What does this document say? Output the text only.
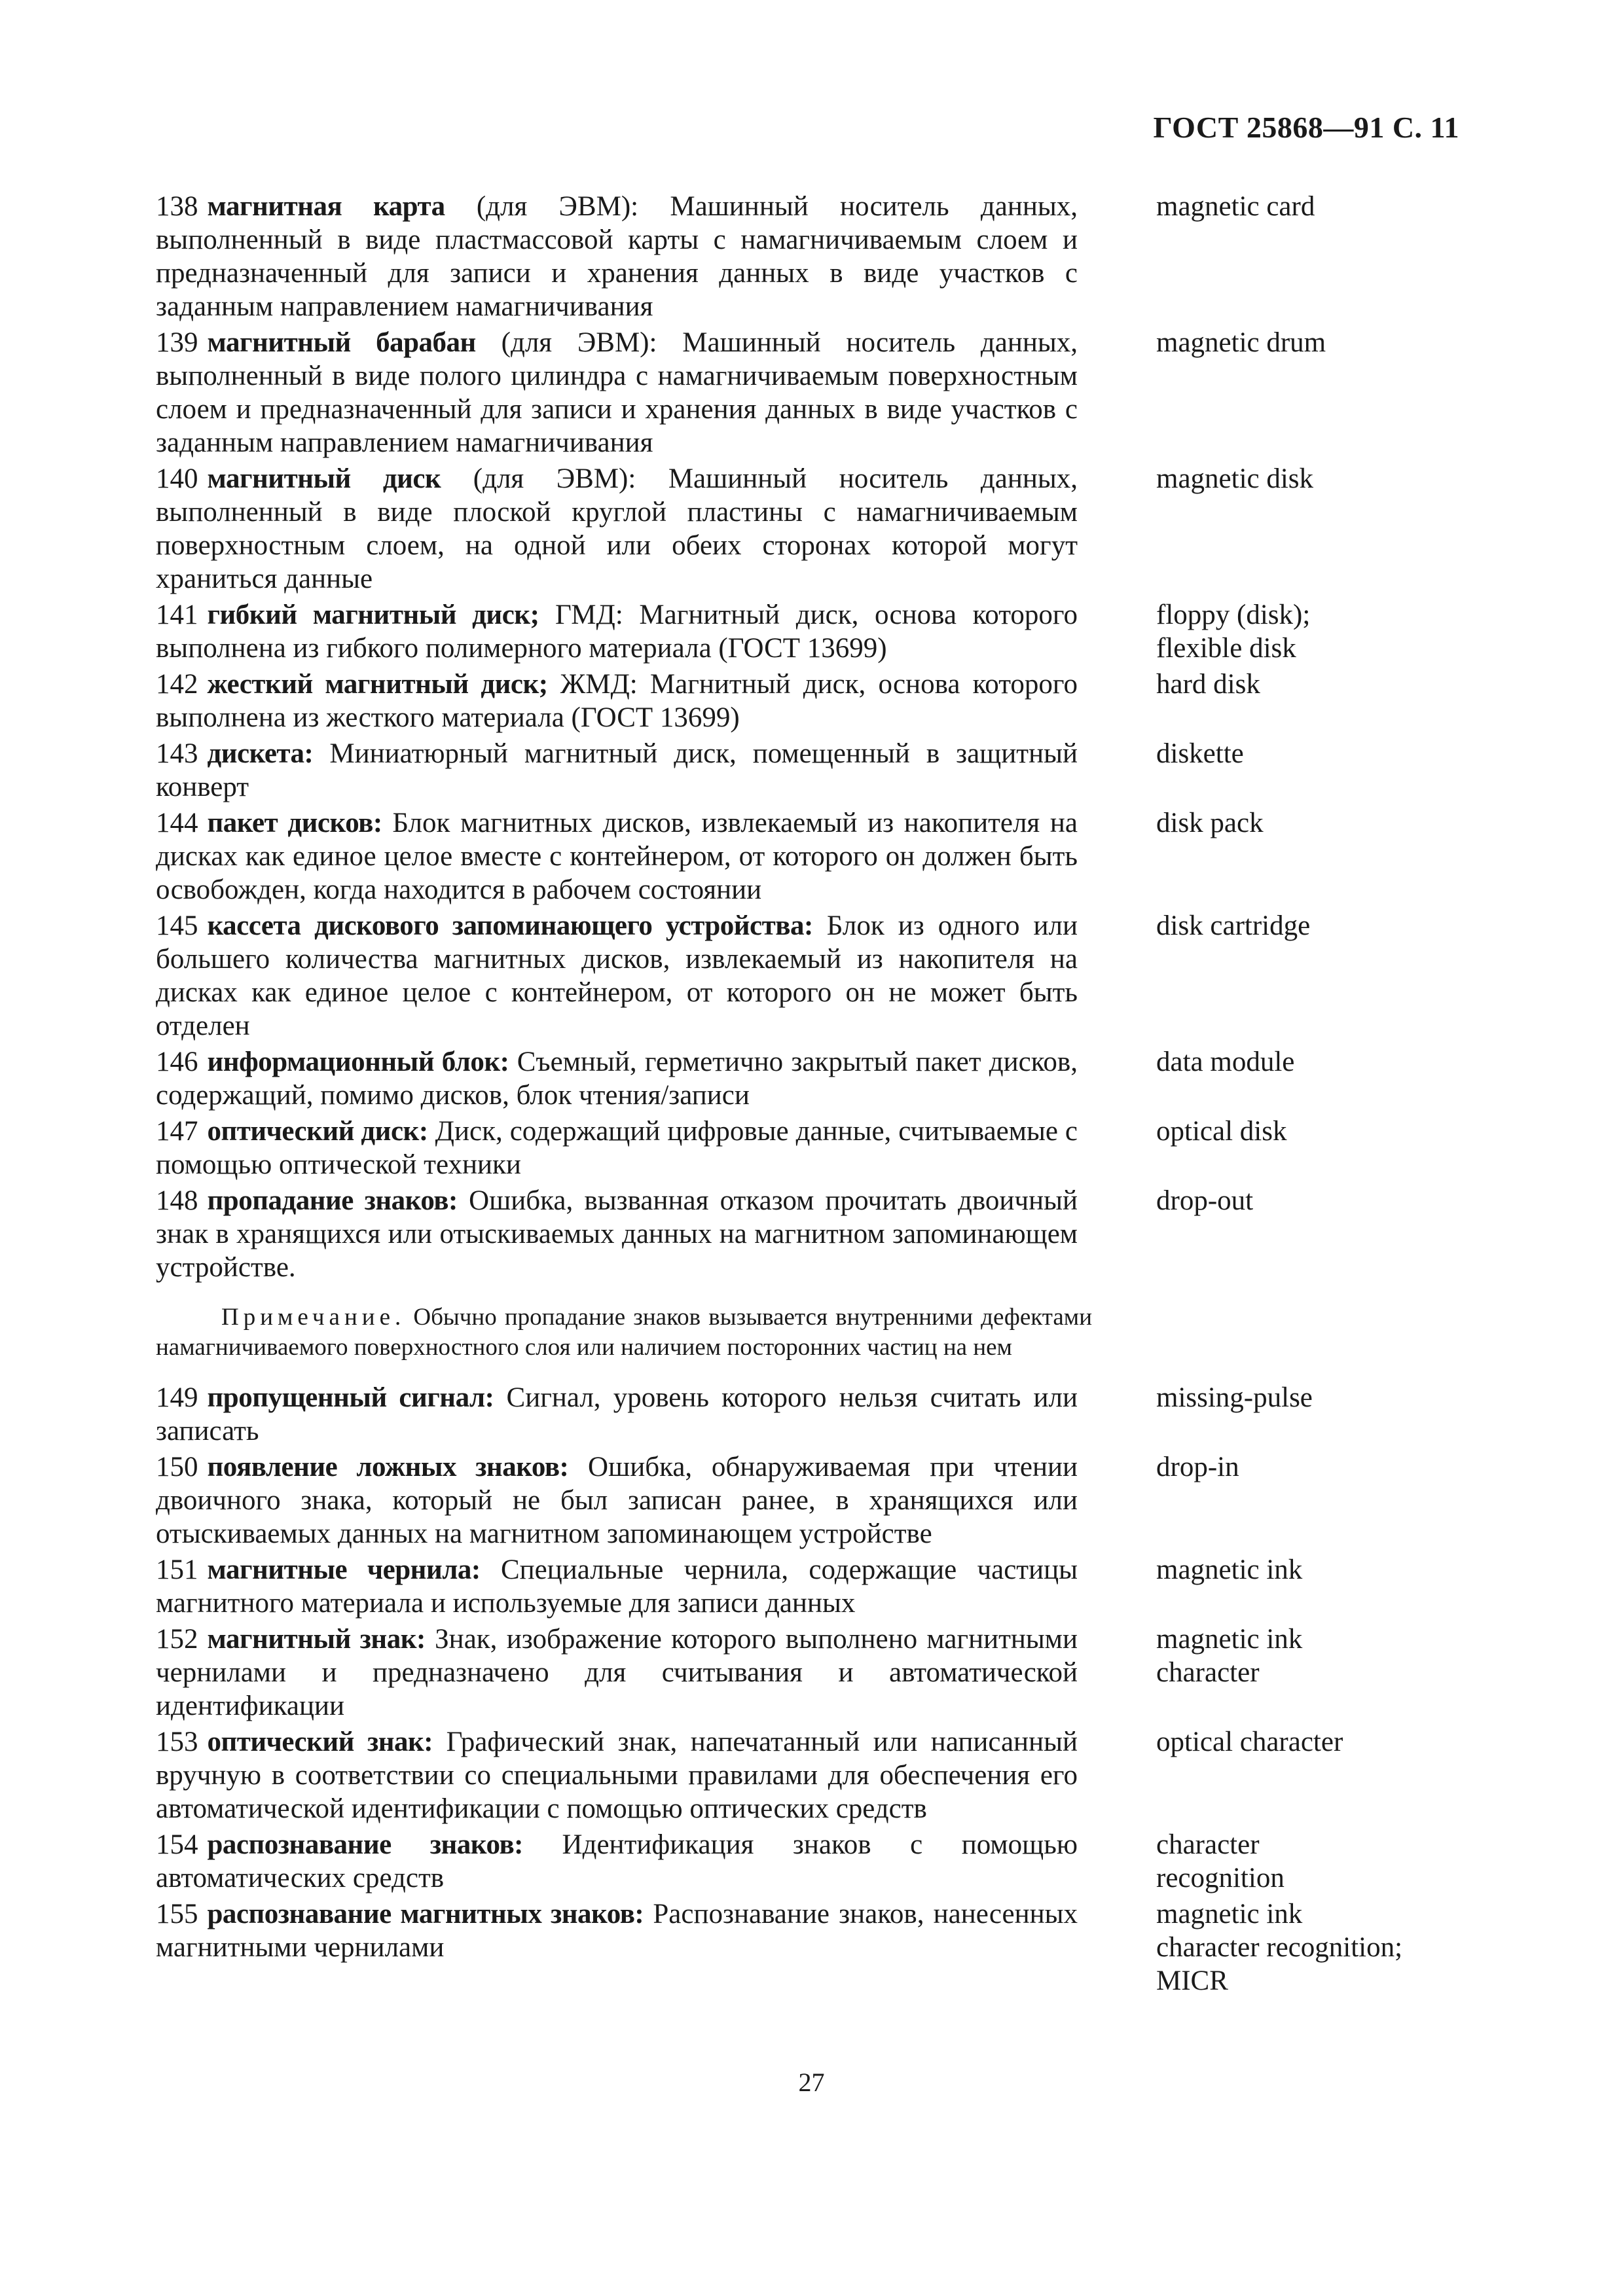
ГОСТ 25868—91 С. 11
138 магнитная карта (для ЭВМ): Машинный носитель данных, выполненный в виде пластмассовой карты с намагничиваемым слоем и предназначенный для записи и хранения данных в виде участков с заданным направлением намагничивания
magnetic card
139 магнитный барабан (для ЭВМ): Машинный носитель данных, выполненный в виде полого цилиндра с намагничиваемым поверхностным слоем и предназначенный для записи и хранения данных в виде участков с заданным направлением намагничивания
magnetic drum
140 магнитный диск (для ЭВМ): Машинный носитель данных, выполненный в виде плоской круглой пластины с намагничиваемым поверхностным слоем, на одной или обеих сторонах которой могут храниться данные
magnetic disk
141 гибкий магнитный диск; ГМД: Магнитный диск, основа которого выполнена из гибкого полимерного материала (ГОСТ 13699)
floppy (disk);
flexible disk
142 жесткий магнитный диск; ЖМД: Магнитный диск, основа которого выполнена из жесткого материала (ГОСТ 13699)
hard disk
143 дискета: Миниатюрный магнитный диск, помещенный в защитный конверт
diskette
144 пакет дисков: Блок магнитных дисков, извлекаемый из накопителя на дисках как единое целое вместе с контейнером, от которого он должен быть освобожден, когда находится в рабочем состоянии
disk pack
145 кассета дискового запоминающего устройства: Блок из одного или большего количества магнитных дисков, извлекаемый из накопителя на дисках как единое целое с контейнером, от которого он не может быть отделен
disk cartridge
146 информационный блок: Съемный, герметично закрытый пакет дисков, содержащий, помимо дисков, блок чтения/записи
data module
147 оптический диск: Диск, содержащий цифровые данные, считываемые с помощью оптической техники
optical disk
148 пропадание знаков: Ошибка, вызванная отказом прочитать двоичный знак в хранящихся или отыскиваемых данных на магнитном запоминающем устройстве.
drop-out
Примечание. Обычно пропадание знаков вызывается внутренними дефектами намагничиваемого поверхностного слоя или наличием посторонних частиц на нем
149 пропущенный сигнал: Сигнал, уровень которого нельзя считать или записать
missing-pulse
150 появление ложных знаков: Ошибка, обнаруживаемая при чтении двоичного знака, который не был записан ранее, в хранящихся или отыскиваемых данных на магнитном запоминающем устройстве
drop-in
151 магнитные чернила: Специальные чернила, содержащие частицы магнитного материала и используемые для записи данных
magnetic ink
152 магнитный знак: Знак, изображение которого выполнено магнитными чернилами и предназначено для считывания и автоматической идентификации
magnetic ink
character
153 оптический знак: Графический знак, напечатанный или написанный вручную в соответствии со специальными правилами для обеспечения его автоматической идентификации с помощью оптических средств
optical character
154 распознавание знаков: Идентификация знаков с помощью автоматических средств
character
recognition
155 распознавание магнитных знаков: Распознавание знаков, нанесенных магнитными чернилами
magnetic ink
character recognition;
MICR
27
